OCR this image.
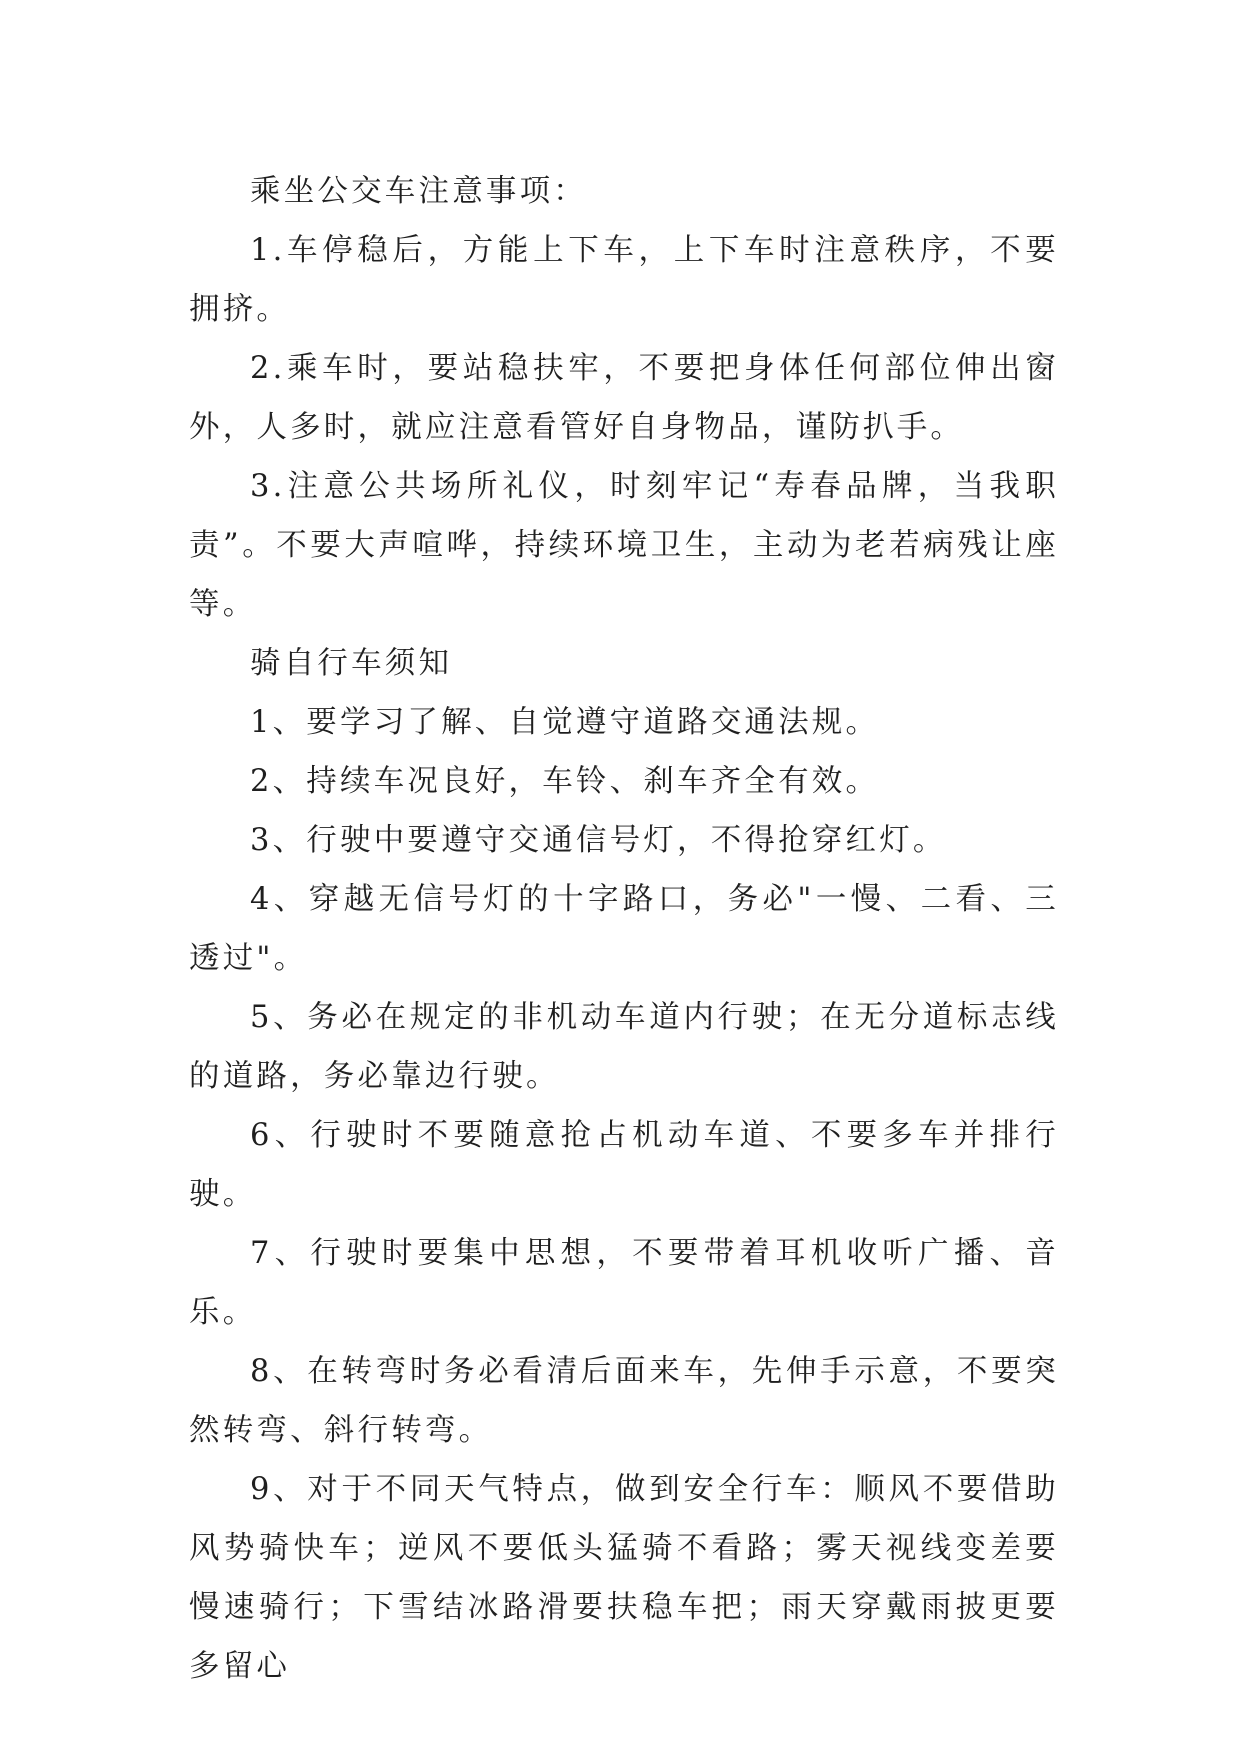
乘坐公交车注意事项：

1.车停稳后，方能上下车，上下车时注意秩序，不要拥挤。

2.乘车时，要站稳扶牢，不要把身体任何部位伸出窗外，人多时，就应注意看管好自身物品，谨防扒手。

3.注意公共场所礼仪，时刻牢记“寿春品牌，当我职责”。不要大声喧哗，持续环境卫生，主动为老若病残让座等。

骑自行车须知

1、要学习了解、自觉遵守道路交通法规。

2、持续车况良好，车铃、刹车齐全有效。

3、行驶中要遵守交通信号灯，不得抢穿红灯。

4、穿越无信号灯的十字路口，务必"一慢、二看、三透过"。

5、务必在规定的非机动车道内行驶；在无分道标志线的道路，务必靠边行驶。

6、行驶时不要随意抢占机动车道、不要多车并排行驶。

7、行驶时要集中思想，不要带着耳机收听广播、音乐。

8、在转弯时务必看清后面来车，先伸手示意，不要突然转弯、斜行转弯。

9、对于不同天气特点，做到安全行车：顺风不要借助风势骑快车；逆风不要低头猛骑不看路；雾天视线变差要慢速骑行；下雪结冰路滑要扶稳车把；雨天穿戴雨披更要多留心
